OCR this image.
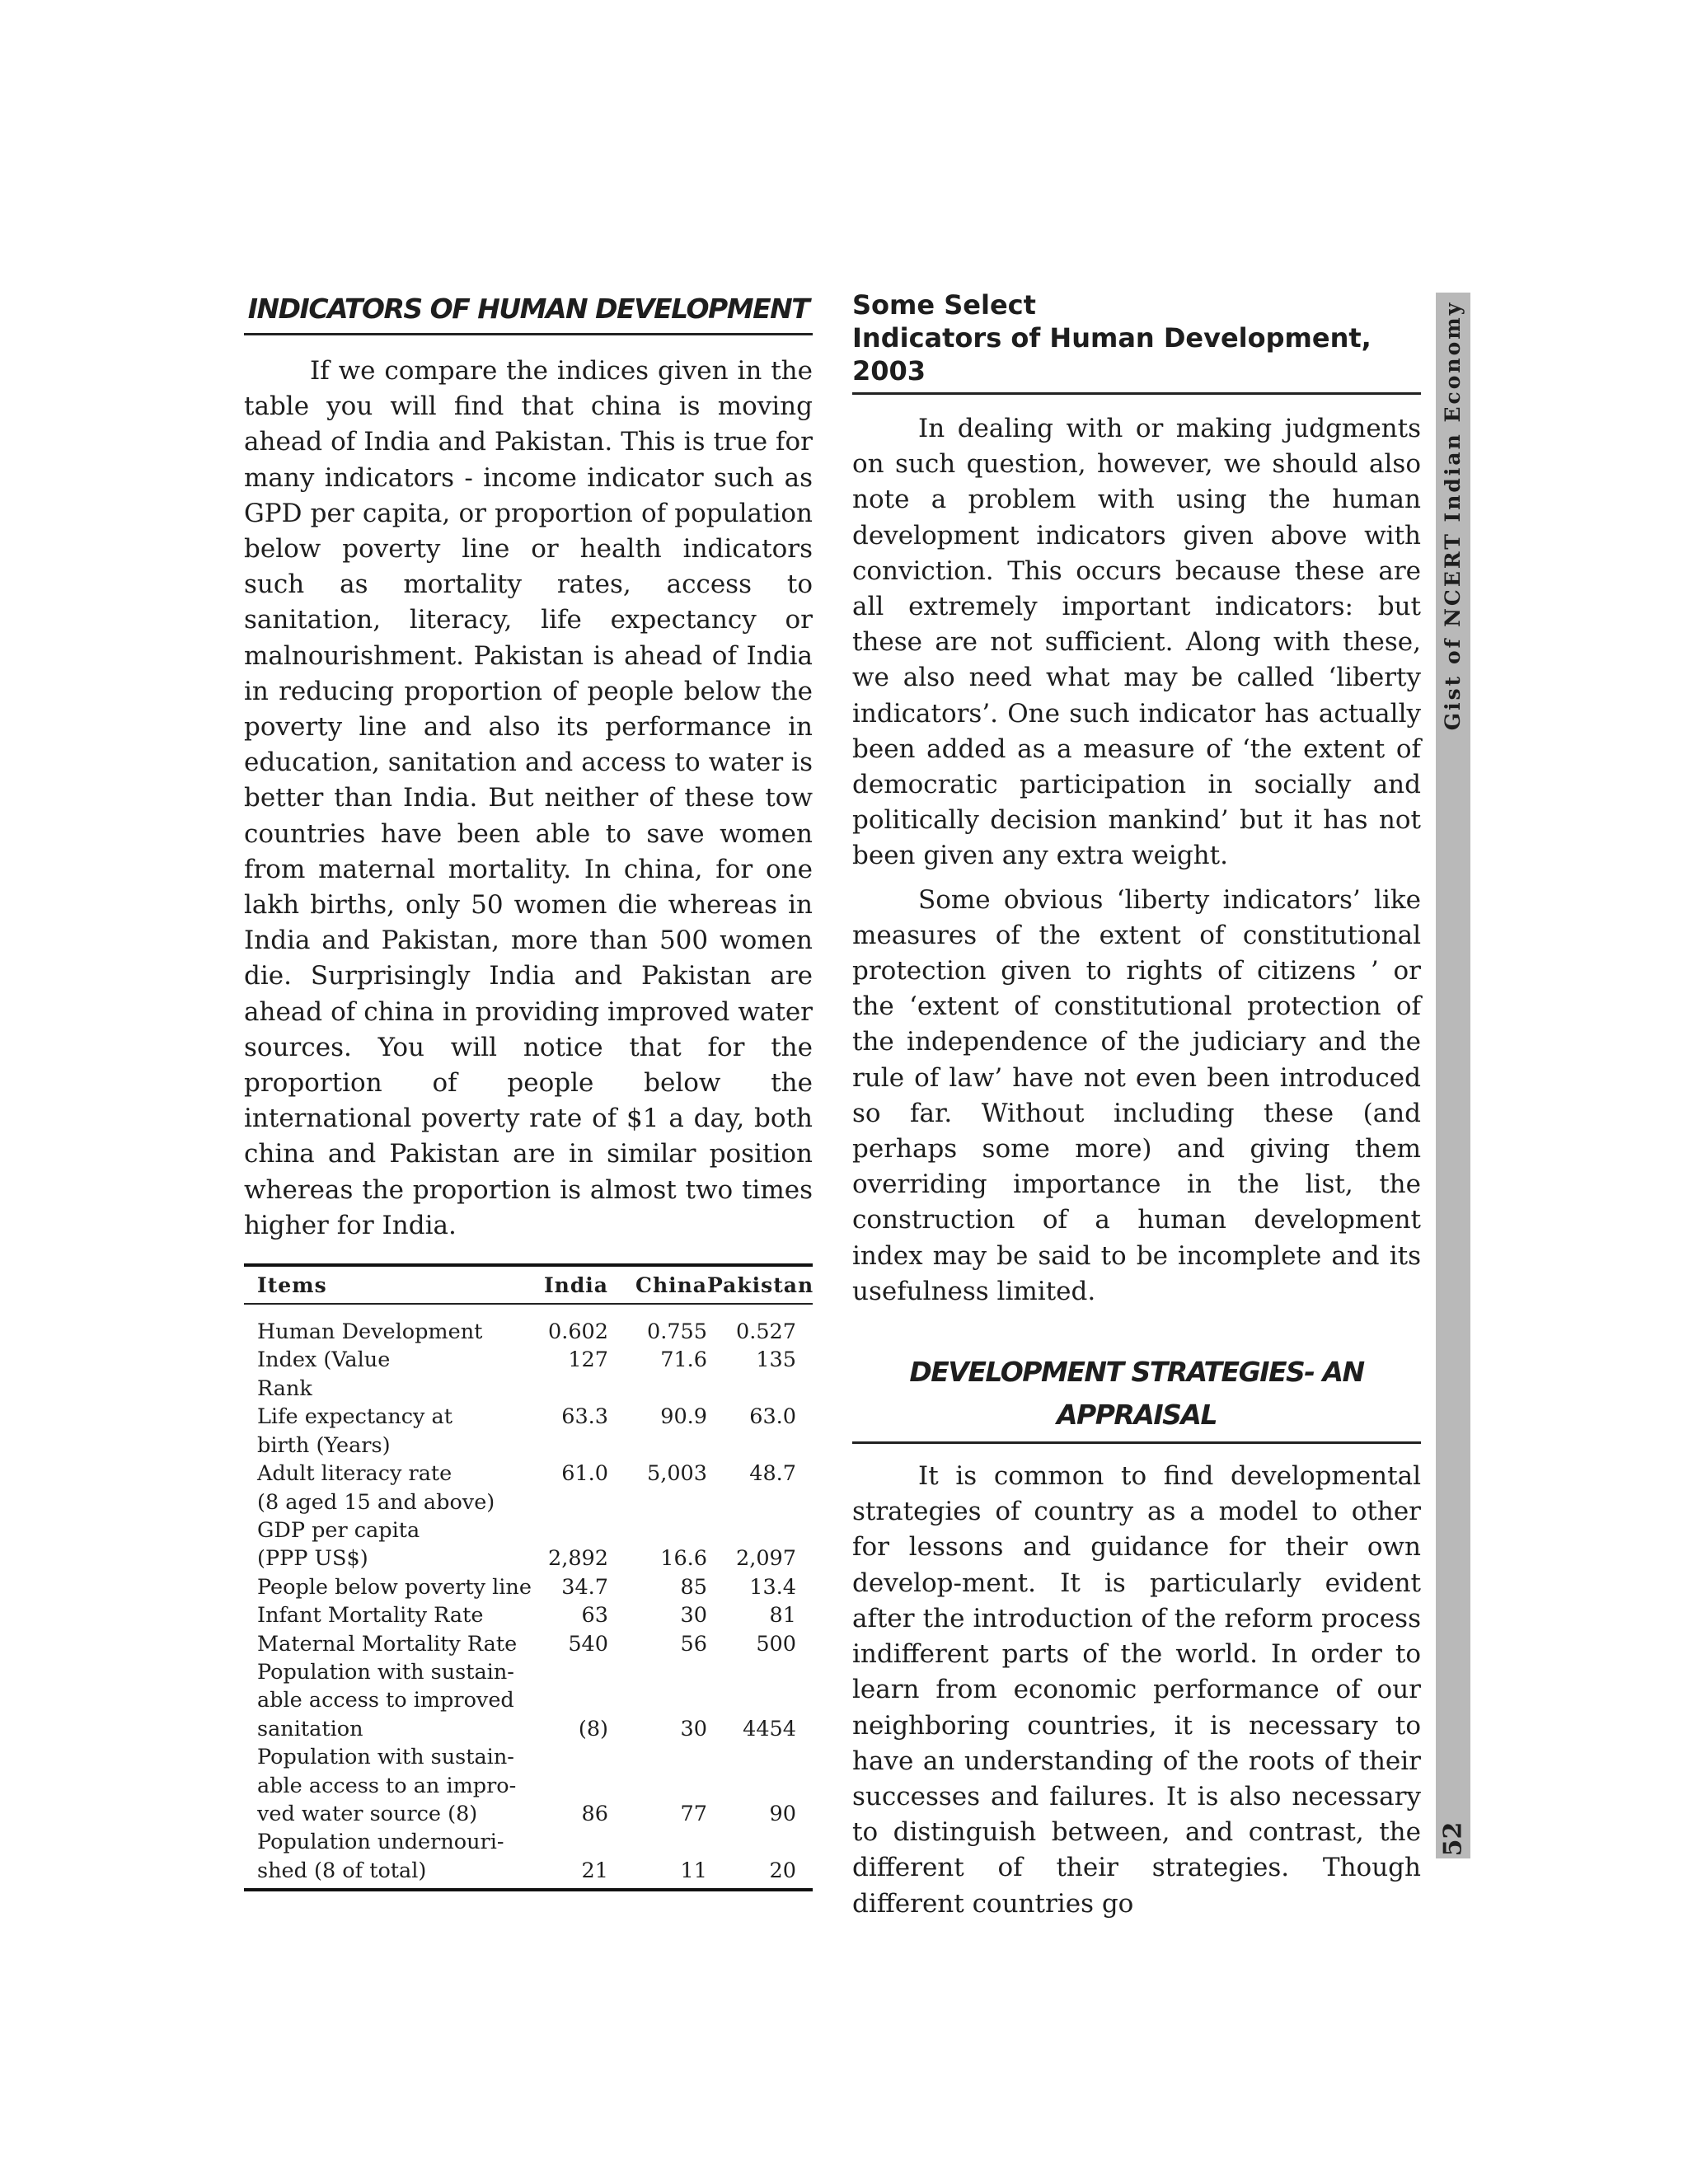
INDICATORS OF HUMAN DEVELOPMENT

If we compare the indices given in the table you will find that china is moving ahead of India and Pakistan. This is true for many indicators - income indicator such as GPD per capita, or proportion of population below poverty line or health indicators such as mortality rates, access to sanitation, literacy, life expectancy or malnourishment. Pakistan is ahead of India in reducing proportion of people below the poverty line and also its performance in education, sanitation and access to water is better than India. But neither of these tow countries have been able to save women from maternal mortality. In china, for one lakh births, only 50 women die whereas in India and Pakistan, more than 500 women die. Surprisingly India and Pakistan are ahead of china in providing improved water sources. You will notice that for the proportion of people below the international poverty rate of $1 a day, both china and Pakistan are in similar position whereas the proportion is almost two times higher for India.

Items	India	China Pakistan
Human Development	0.602	0.755	0.527
Index (Value	127	71.6	135
Rank
Life expectancy at	63.3	90.9	63.0
birth (Years)
Adult literacy rate	61.0	5,003	48.7
(8 aged 15 and above)
GDP per capita
(PPP US$)	2,892	16.6	2,097
People below poverty line	34.7	85	13.4
Infant Mortality Rate	63	30	81
Maternal Mortality Rate	540	56	500
Population with sustain-
able access to improved
sanitation	(8)	30	4454
Population with sustain-
able access to an impro-
ved water source (8)	86	77	90
Population undernouri-
shed (8 of total)	21	11	20
Some Select
Indicators of Human Development, 2003

In dealing with or making judgments on such question, however, we should also note a problem with using the human development indicators given above with conviction. This occurs because these are all extremely important indicators: but these are not sufficient. Along with these, we also need what may be called ‘liberty indicators’. One such indicator has actually been added as a measure of ‘the extent of democratic participation in socially and politically decision mankind’ but it has not been given any extra weight.

Some obvious ‘liberty indicators’ like measures of the extent of constitutional protection given to rights of citizens ’ or the ‘extent of constitutional protection of the independence of the judiciary and the rule of law’ have not even been introduced so far. Without including these (and perhaps some more) and giving them overriding importance in the list, the construction of a human development index may be said to be incomplete and its usefulness limited.

DEVELOPMENT STRATEGIES- AN
APPRAISAL

It is common to find developmental strategies of country as a model to other for lessons and guidance for their own develop-ment. It is particularly evident after the introduction of the reform process indifferent parts of the world. In order to learn from economic performance of our neighboring countries, it is necessary to have an understanding of the roots of their successes and failures. It is also necessary to distinguish between, and contrast, the different of their strategies. Though different countries go

Gist of NCERT Indian Economy
52
